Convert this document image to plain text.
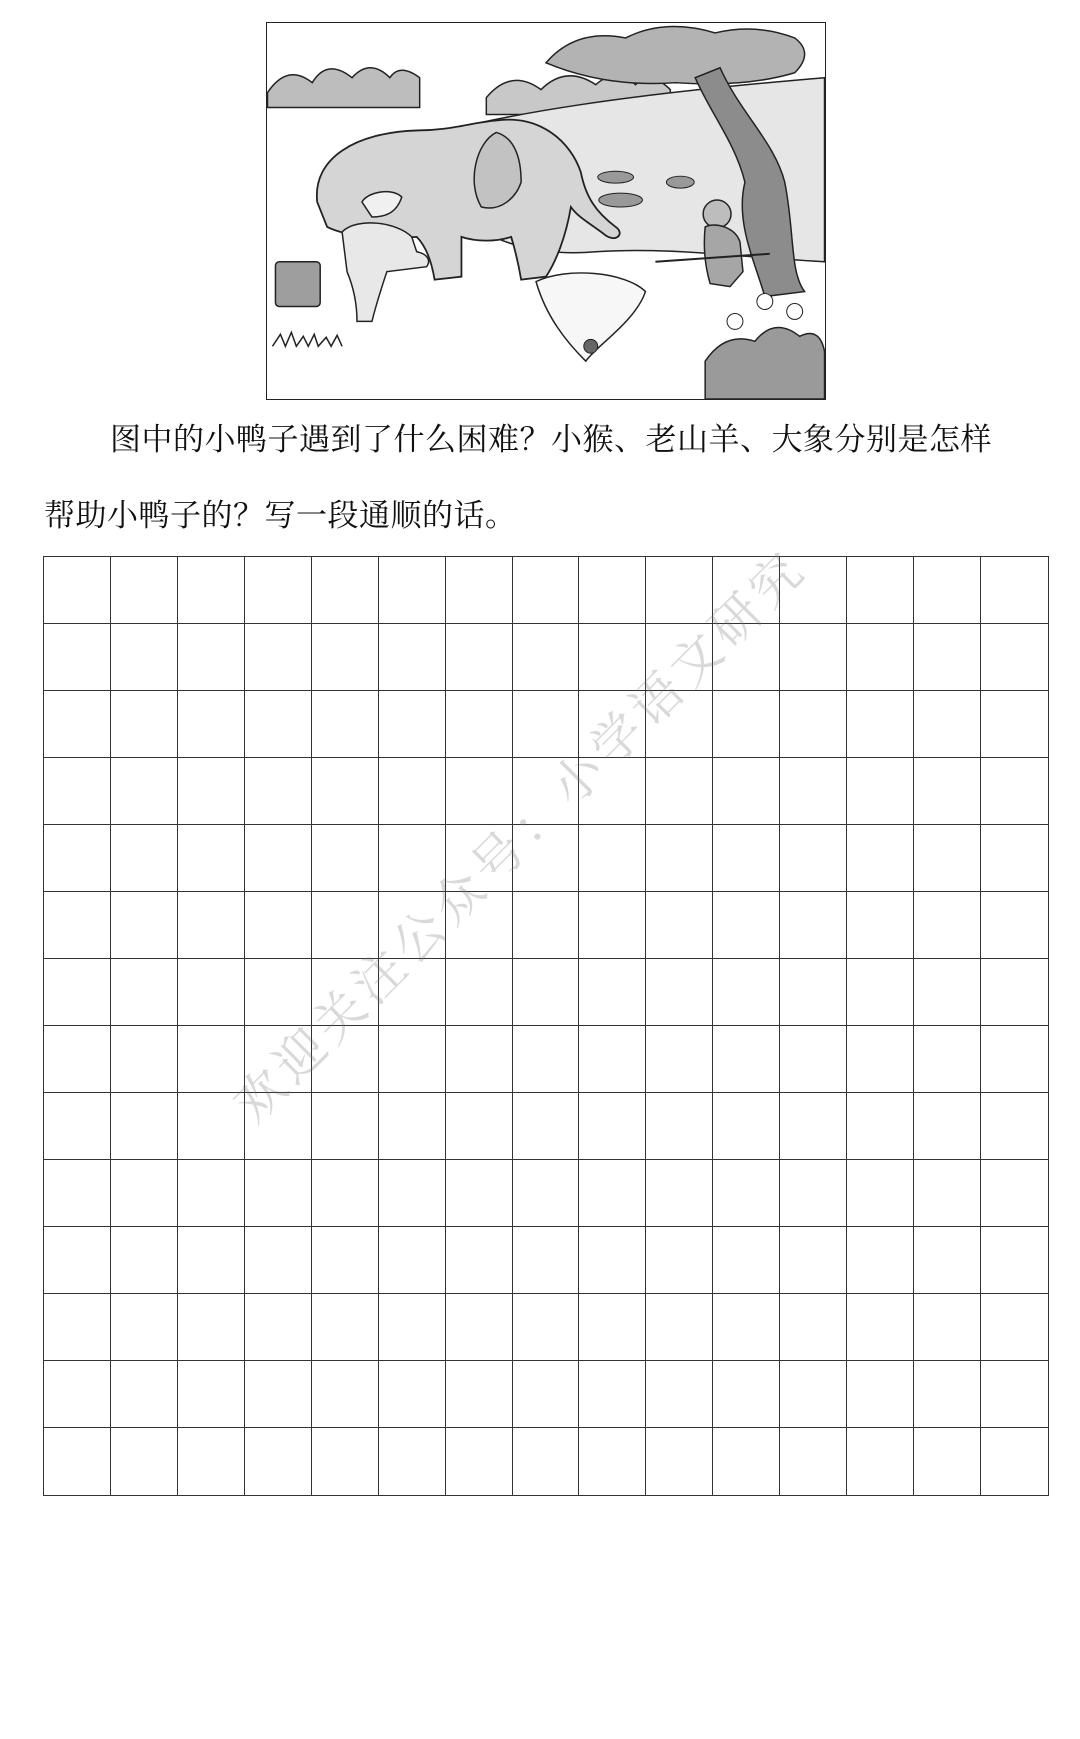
图中的小鸭子遇到了什么困难？小猴、老山羊、大象分别是怎样
帮助小鸭子的？写一段通顺的话。
欢迎关注公众号：小学语文研究
